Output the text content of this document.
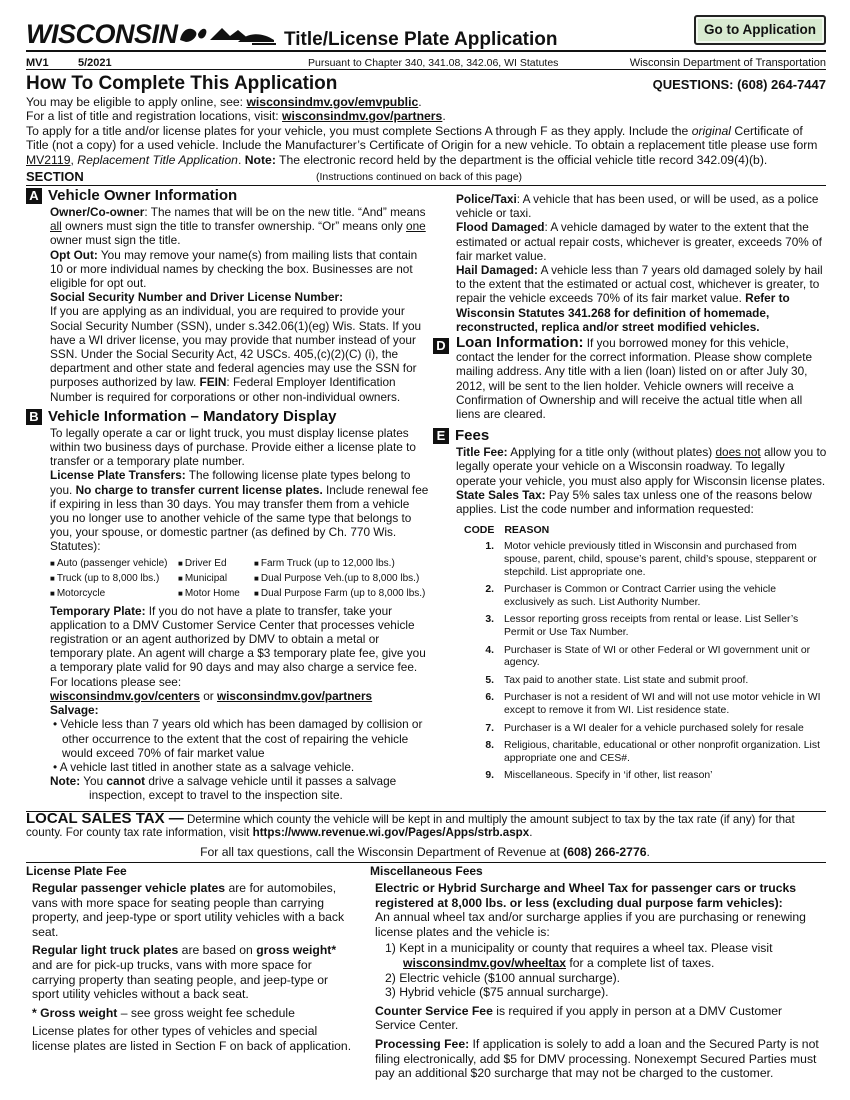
WISCONSIN	Title/License Plate Application	Go to Application
MV1	5/2021	Pursuant to Chapter 340, 341.08, 342.06, WI Statutes	Wisconsin Department of Transportation
How To Complete This Application	QUESTIONS: (608) 264-7447

You may be eligible to apply online, see: wisconsindmv.gov/emvpublic.

For a list of title and registration locations, visit: wisconsindmv.gov/partners.

To apply for a title and/or license plates for your vehicle, you must complete Sections A through F as they apply. Include the original Certificate of Title (not a copy) for a used vehicle. Include the Manufacturer’s Certificate of Origin for a new vehicle. To obtain a replacement title please use form MV2119, Replacement Title Application. Note: The electronic record held by the department is the official vehicle title record 342.09(4)(b).

SECTION	(Instructions continued on back of this page)
A Vehicle Owner Information

Owner/Co-owner: The names that will be on the new title. “And” means all owners must sign the title to transfer ownership. “Or” means only one owner must sign the title.

Opt Out: You may remove your name(s) from mailing lists that contain 10 or more individual names by checking the box. Businesses are not eligible for opt out.

Social Security Number and Driver License Number:

If you are applying as an individual, you are required to provide your Social Security Number (SSN), under s.342.06(1)(eg) Wis. Stats. If you have a WI driver license, you may provide that number instead of your SSN. Under the Social Security Act, 42 USCs. 405,(c)(2)(C) (i), the department and other state and federal agencies may use the SSN for purposes authorized by law. FEIN: Federal Employer Identification Number is required for corporations or other non-individual owners.

B Vehicle Information – Mandatory Display

To legally operate a car or light truck, you must display license plates within two business days of purchase. Provide either a license plate to transfer or a temporary plate number.

License Plate Transfers: The following license plate types belong to you. No charge to transfer current license plates. Include renewal fee if expiring in less than 30 days. You may transfer them from a vehicle you no longer use to another vehicle of the same type that belongs to you, your spouse, or domestic partner (as defined by Ch. 770 Wis. Statutes):

■ Auto (passenger vehicle)	■ Driver Ed	■ Farm Truck (up to 12,000 lbs.)
■ Truck (up to 8,000 lbs.)	■ Municipal	■ Dual Purpose Veh.(up to 8,000 lbs.)
■ Motorcycle	■ Motor Home	■ Dual Purpose Farm (up to 8,000 lbs.)

Temporary Plate: If you do not have a plate to transfer, take your application to a DMV Customer Service Center that processes vehicle registration or an agent authorized by DMV to obtain a metal or temporary plate. An agent will charge a $3 temporary plate fee, give you a temporary plate valid for 90 days and may also charge a service fee. For locations please see:

wisconsindmv.gov/centers or wisconsindmv.gov/partners

Salvage:

• Vehicle less than 7 years old which has been damaged by collision or other occurrence to the extent that the cost of repairing the vehicle would exceed 70% of fair market value

• A vehicle last titled in another state as a salvage vehicle.

Note: You cannot drive a salvage vehicle until it passes a salvage inspection, except to travel to the inspection site.

Police/Taxi: A vehicle that has been used, or will be used, as a police vehicle or taxi.

Flood Damaged: A vehicle damaged by water to the extent that the estimated or actual repair costs, whichever is greater, exceeds 70% of fair market value.

Hail Damaged: A vehicle less than 7 years old damaged solely by hail to the extent that the estimated or actual cost, whichever is greater, to repair the vehicle exceeds 70% of its fair market value. Refer to Wisconsin Statutes 341.268 for definition of homemade, reconstructed, replica and/or street modified vehicles.

D Loan Information: If you borrowed money for this vehicle, contact the lender for the correct information. Please show complete mailing address. Any title with a lien (loan) listed on or after July 30, 2012, will be sent to the lien holder. Vehicle owners will receive a Confirmation of Ownership and will receive the actual title when all liens are cleared.

E Fees

Title Fee: Applying for a title only (without plates) does not allow you to legally operate your vehicle on a Wisconsin roadway. To legally operate your vehicle, you must also apply for Wisconsin license plates.

State Sales Tax: Pay 5% sales tax unless one of the reasons below applies. List the code number and information requested:

CODE REASON
1. Motor vehicle previously titled in Wisconsin and purchased from spouse, parent, child, spouse’s parent, child’s spouse, stepparent or stepchild. List appropriate one.
2. Purchaser is Common or Contract Carrier using the vehicle exclusively as such. List Authority Number.
3. Lessor reporting gross receipts from rental or lease. List Seller’s Permit or Use Tax Number.
4. Purchaser is State of WI or other Federal or WI government unit or agency.
5. Tax paid to another state. List state and submit proof.
6. Purchaser is not a resident of WI and will not use motor vehicle in WI except to remove it from WI. List residence state.
7. Purchaser is a WI dealer for a vehicle purchased solely for resale
8. Religious, charitable, educational or other nonprofit organization. List appropriate one and CES#.
9. Miscellaneous. Specify in ‘if other, list reason’
LOCAL SALES TAX — Determine which county the vehicle will be kept in and multiply the amount subject to tax by the tax rate (if any) for that county. For county tax rate information, visit https://www.revenue.wi.gov/Pages/Apps/strb.aspx.
For all tax questions, call the Wisconsin Department of Revenue at (608) 266-2776.
License Plate Fee	Miscellaneous Fees

Regular passenger vehicle plates are for automobiles, vans with more space for seating people than carrying property, and jeep-type or sport utility vehicles with a back seat.

Regular light truck plates are based on gross weight* and are for pick-up trucks, vans with more space for carrying property than seating people, and jeep-type or sport utility vehicles without a back seat.

* Gross weight – see gross weight fee schedule

License plates for other types of vehicles and special license plates are listed in Section F on back of application.

Electric or Hybrid Surcharge and Wheel Tax for passenger cars or trucks registered at 8,000 lbs. or less (excluding dual purpose farm vehicles):

An annual wheel tax and/or surcharge applies if you are purchasing or renewing license plates and the vehicle is:

1) Kept in a municipality or county that requires a wheel tax. Please visit wisconsindmv.gov/wheeltax for a complete list of taxes.

2) Electric vehicle ($100 annual surcharge).

3) Hybrid vehicle ($75 annual surcharge).

Counter Service Fee is required if you apply in person at a DMV Customer Service Center.

Processing Fee: If application is solely to add a loan and the Secured Party is not filing electronically, add $5 for DMV processing. Nonexempt Secured Parties must pay an additional $20 surcharge that may not be charged to the customer.
